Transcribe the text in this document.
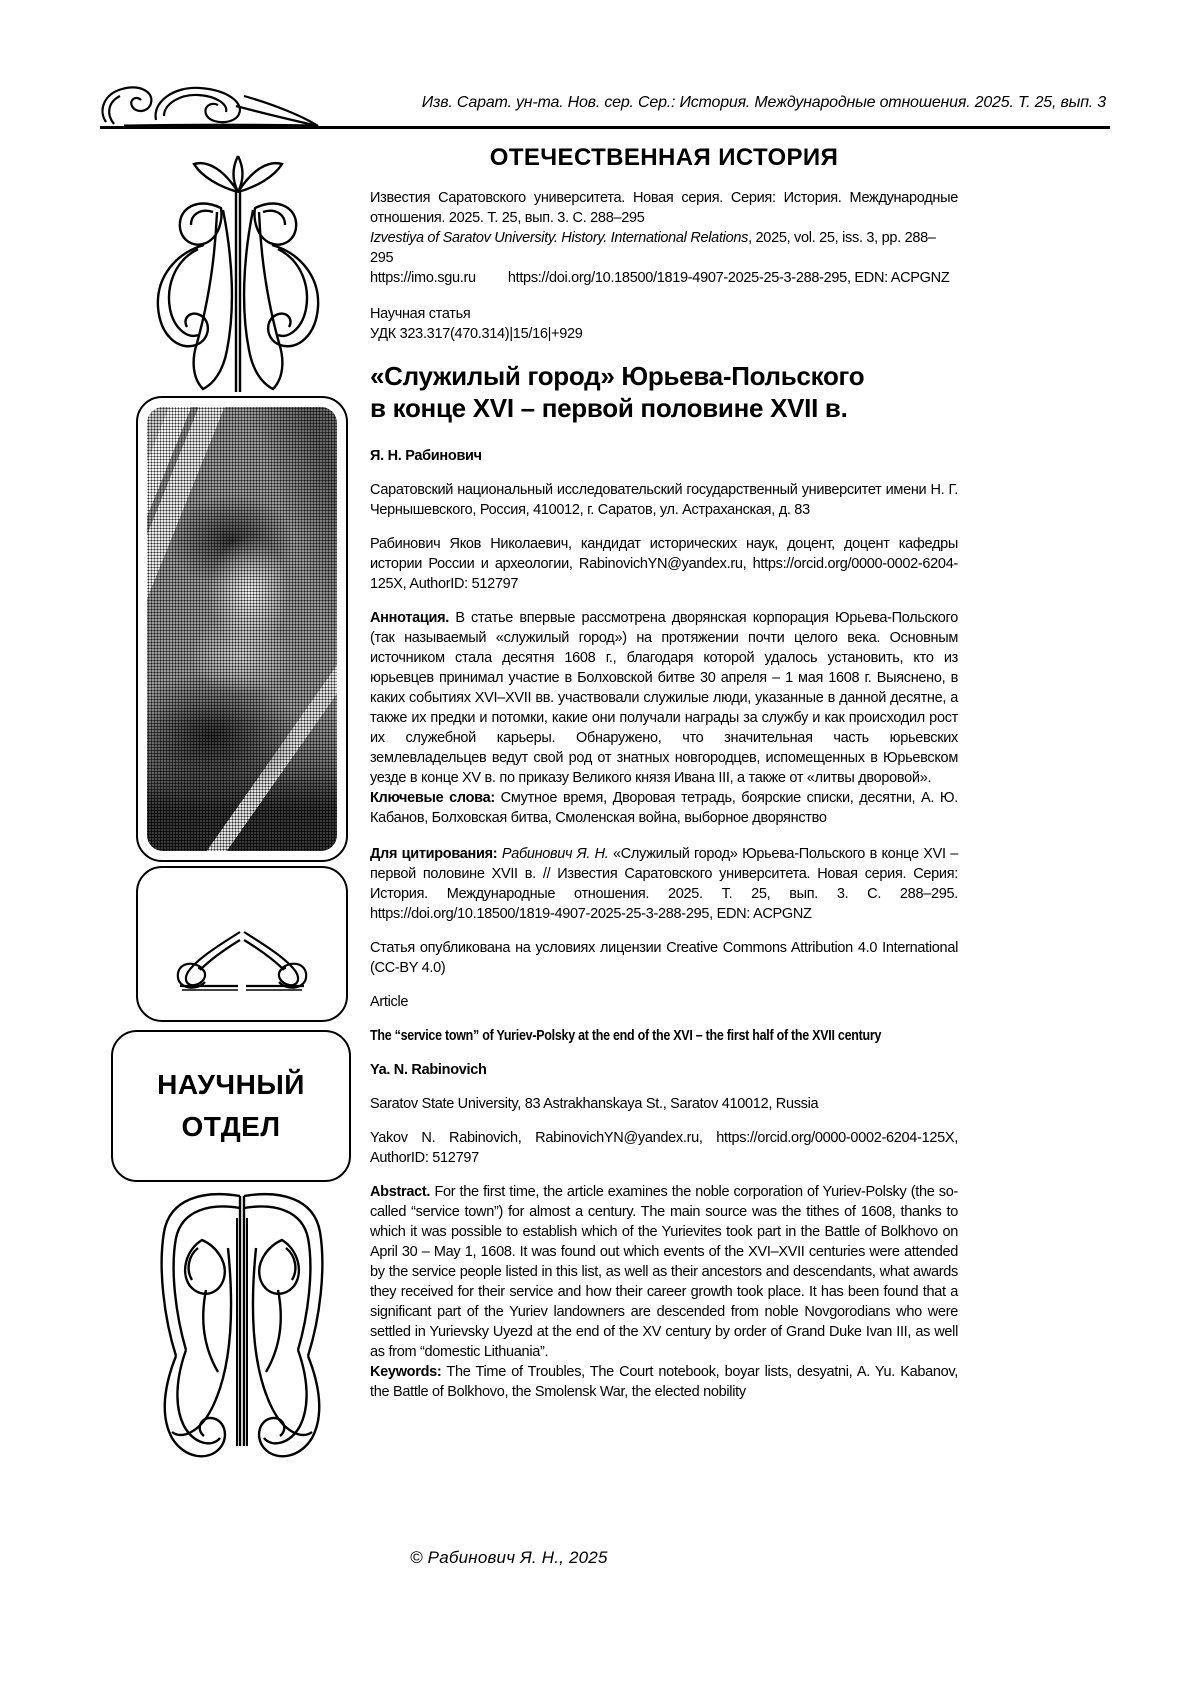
Изв. Сарат. ун-та. Нов. сер. Сер.: История. Международные отношения. 2025. Т. 25, вып. 3
НАУЧНЫЙ
ОТДЕЛ
ОТЕЧЕСТВЕННАЯ ИСТОРИЯ

Известия Саратовского университета. Новая серия. Серия: История. Международные отношения. 2025. Т. 25, вып. 3. С. 288–295

Izvestiya of Saratov University. History. International Relations, 2025, vol. 25, iss. 3, pp. 288–295

https://imo.sgu.ru https://doi.org/10.18500/1819-4907-2025-25-3-288-295, EDN: ACPGNZ

Научная статья

УДК 323.317(470.314)|15/16|+929

«Служилый город» Юрьева-Польского
в конце XVI – первой половине XVII в.

Я. Н. Рабинович

Саратовский национальный исследовательский государственный университет имени Н. Г. Чернышевского, Россия, 410012, г. Саратов, ул. Астраханская, д. 83

Рабинович Яков Николаевич, кандидат исторических наук, доцент, доцент кафедры истории России и археологии, RabinovichYN@yandex.ru, https://orcid.org/0000-0002-6204-125X, AuthorID: 512797

Аннотация. В статье впервые рассмотрена дворянская корпорация Юрьева-Польского (так называемый «служилый город») на протяжении почти целого века. Основным источником стала десятня 1608 г., благодаря которой удалось установить, кто из юрьевцев принимал участие в Болховской битве 30 апреля – 1 мая 1608 г. Выяснено, в каких событиях XVI–XVII вв. участвовали служилые люди, указанные в данной десятне, а также их предки и потомки, какие они получали награды за службу и как происходил рост их служебной карьеры. Обнаружено, что значительная часть юрьевских землевладельцев ведут свой род от знатных новгородцев, испомещенных в Юрьевском уезде в конце XV в. по приказу Великого князя Ивана III, а также от «литвы дворовой».

Ключевые слова: Смутное время, Дворовая тетрадь, боярские списки, десятни, А. Ю. Кабанов, Болховская битва, Смоленская война, выборное дворянство

Для цитирования: Рабинович Я. Н. «Служилый город» Юрьева-Польского в конце XVI – первой половине XVII в. // Известия Саратовского университета. Новая серия. Серия: История. Международные отношения. 2025. Т. 25, вып. 3. С. 288–295. https://doi.org/10.18500/1819-4907-2025-25-3-288-295, EDN: ACPGNZ

Статья опубликована на условиях лицензии Creative Commons Attribution 4.0 International (CC-BY 4.0)

Article

The “service town” of Yuriev-Polsky at the end of the XVI – the first half of the XVII century

Ya. N. Rabinovich

Saratov State University, 83 Astrakhanskaya St., Saratov 410012, Russia

Yakov N. Rabinovich, RabinovichYN@yandex.ru, https://orcid.org/0000-0002-6204-125X, AuthorID: 512797

Abstract. For the first time, the article examines the noble corporation of Yuriev-Polsky (the so-called “service town”) for almost a century. The main source was the tithes of 1608, thanks to which it was possible to establish which of the Yurievites took part in the Battle of Bolkhovo on April 30 – May 1, 1608. It was found out which events of the XVI–XVII centuries were attended by the service people listed in this list, as well as their ancestors and descendants, what awards they received for their service and how their career growth took place. It has been found that a significant part of the Yuriev landowners are descended from noble Novgorodians who were settled in Yurievsky Uyezd at the end of the XV century by order of Grand Duke Ivan III, as well as from “domestic Lithuania”.

Keywords: The Time of Troubles, The Court notebook, boyar lists, desyatni, A. Yu. Kabanov, the Battle of Bolkhovo, the Smolensk War, the elected nobility

© Рабинович Я. Н., 2025
